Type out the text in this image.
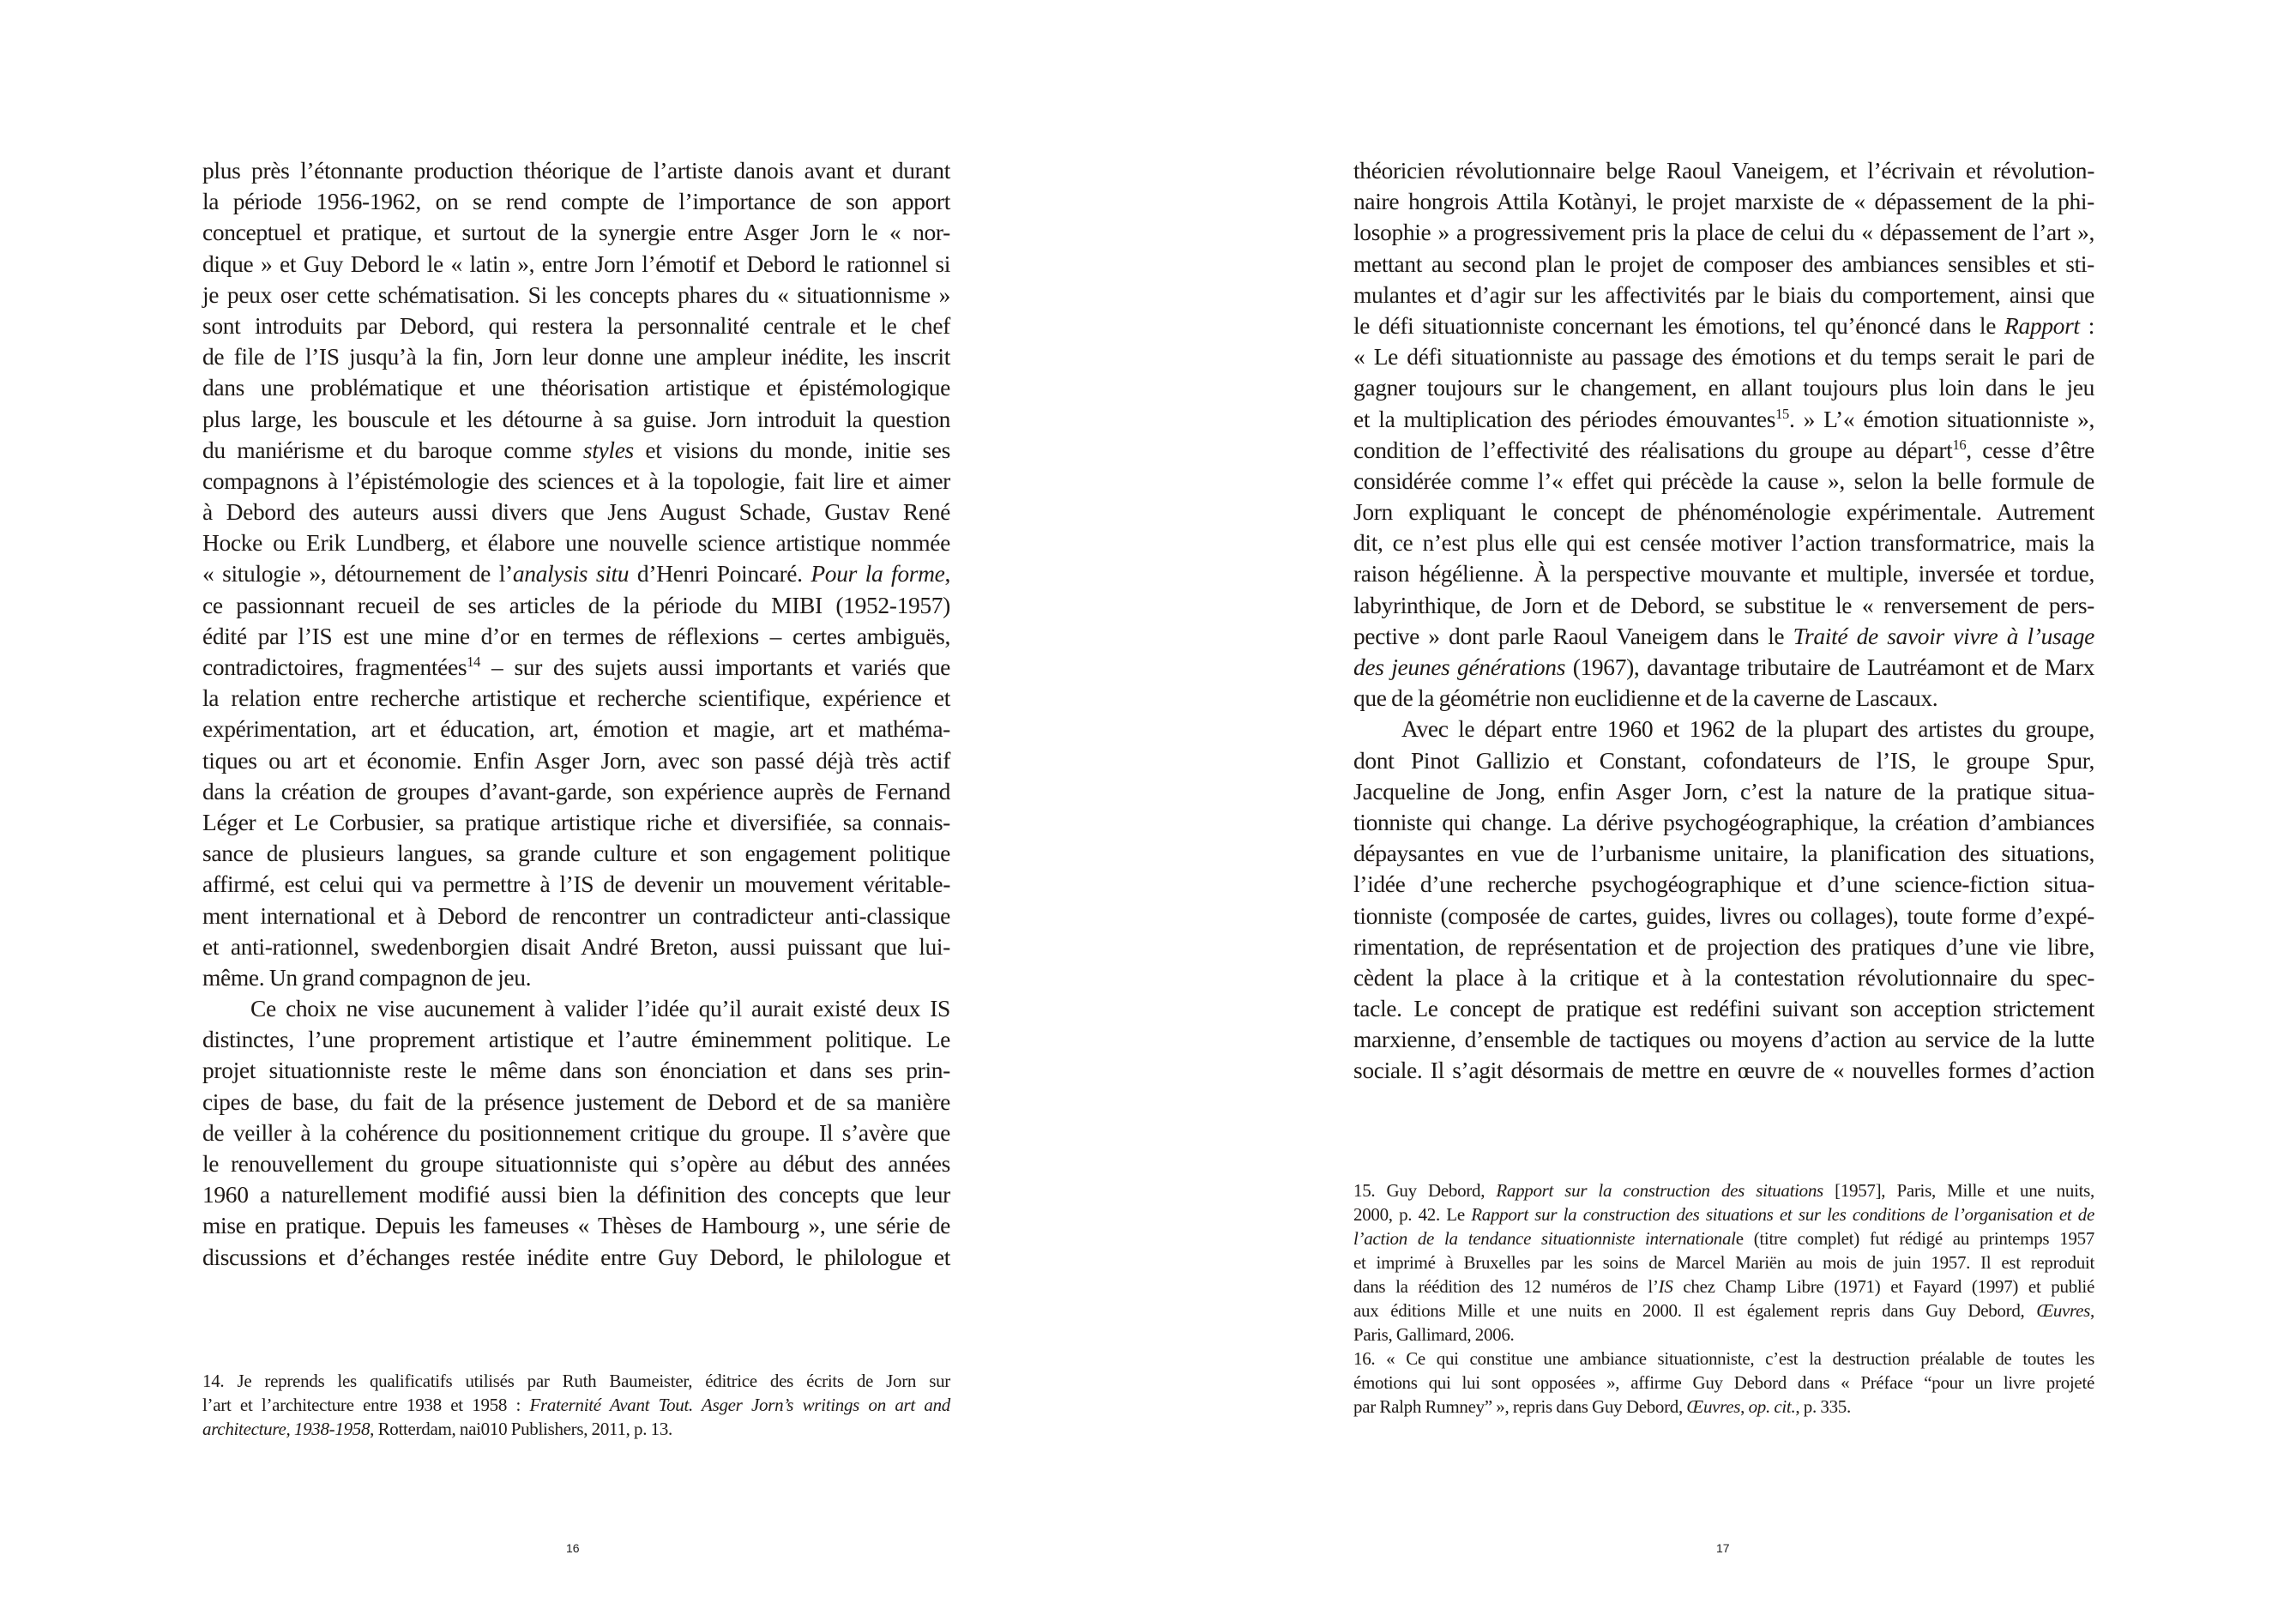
plus près l’étonnante production théorique de l’artiste danois avant et durant
la période 1956-1962, on se rend compte de l’importance de son apport
conceptuel et pratique, et surtout de la synergie entre Asger Jorn le « nor-
dique » et Guy Debord le « latin », entre Jorn l’émotif et Debord le rationnel si
je peux oser cette schématisation. Si les concepts phares du « situationnisme »
sont introduits par Debord, qui restera la personnalité centrale et le chef
de file de l’IS jusqu’à la fin, Jorn leur donne une ampleur inédite, les inscrit
dans une problématique et une théorisation artistique et épistémologique
plus large, les bouscule et les détourne à sa guise. Jorn introduit la question
du maniérisme et du baroque comme styles et visions du monde, initie ses
compagnons à l’épistémologie des sciences et à la topologie, fait lire et aimer
à Debord des auteurs aussi divers que Jens August Schade, Gustav René
Hocke ou Erik Lundberg, et élabore une nouvelle science artistique nommée
« situlogie », détournement de l’analysis situ d’Henri Poincaré. Pour la forme,
ce passionnant recueil de ses articles de la période du MIBI (1952-1957)
édité par l’IS est une mine d’or en termes de réflexions – certes ambiguës,
contradictoires, fragmentées$^{14}$ – sur des sujets aussi importants et variés que
la relation entre recherche artistique et recherche scientifique, expérience et
expérimentation, art et éducation, art, émotion et magie, art et mathéma-
tiques ou art et économie. Enfin Asger Jorn, avec son passé déjà très actif
dans la création de groupes d’avant-garde, son expérience auprès de Fernand
Léger et Le Corbusier, sa pratique artistique riche et diversifiée, sa connais-
sance de plusieurs langues, sa grande culture et son engagement politique
affirmé, est celui qui va permettre à l’IS de devenir un mouvement véritable-
ment international et à Debord de rencontrer un contradicteur anti-classique
et anti-rationnel, swedenborgien disait André Breton, aussi puissant que lui-
même. Un grand compagnon de jeu.
Ce choix ne vise aucunement à valider l’idée qu’il aurait existé deux IS
distinctes, l’une proprement artistique et l’autre éminemment politique. Le
projet situationniste reste le même dans son énonciation et dans ses prin-
cipes de base, du fait de la présence justement de Debord et de sa manière
de veiller à la cohérence du positionnement critique du groupe. Il s’avère que
le renouvellement du groupe situationniste qui s’opère au début des années
1960 a naturellement modifié aussi bien la définition des concepts que leur
mise en pratique. Depuis les fameuses « Thèses de Hambourg », une série de
discussions et d’échanges restée inédite entre Guy Debord, le philologue et
14. Je reprends les qualificatifs utilisés par Ruth Baumeister, éditrice des écrits de Jorn sur
l’art et l’architecture entre 1938 et 1958 : Fraternité Avant Tout. Asger Jorn’s writings on art and
architecture, 1938-1958, Rotterdam, nai010 Publishers, 2011, p. 13.
16
théoricien révolutionnaire belge Raoul Vaneigem, et l’écrivain et révolution-
naire hongrois Attila Kotànyi, le projet marxiste de « dépassement de la phi-
losophie » a progressivement pris la place de celui du « dépassement de l’art »,
mettant au second plan le projet de composer des ambiances sensibles et sti-
mulantes et d’agir sur les affectivités par le biais du comportement, ainsi que
le défi situationniste concernant les émotions, tel qu’énoncé dans le Rapport :
« Le défi situationniste au passage des émotions et du temps serait le pari de
gagner toujours sur le changement, en allant toujours plus loin dans le jeu
et la multiplication des périodes émouvantes$^{15}$. » L’« émotion situationniste »,
condition de l’effectivité des réalisations du groupe au départ$^{16}$, cesse d’être
considérée comme l’« effet qui précède la cause », selon la belle formule de
Jorn expliquant le concept de phénoménologie expérimentale. Autrement
dit, ce n’est plus elle qui est censée motiver l’action transformatrice, mais la
raison hégélienne. À la perspective mouvante et multiple, inversée et tordue,
labyrinthique, de Jorn et de Debord, se substitue le « renversement de pers-
pective » dont parle Raoul Vaneigem dans le Traité de savoir vivre à l’usage
des jeunes générations (1967), davantage tributaire de Lautréamont et de Marx
que de la géométrie non euclidienne et de la caverne de Lascaux.
Avec le départ entre 1960 et 1962 de la plupart des artistes du groupe,
dont Pinot Gallizio et Constant, cofondateurs de l’IS, le groupe Spur,
Jacqueline de Jong, enfin Asger Jorn, c’est la nature de la pratique situa-
tionniste qui change. La dérive psychogéographique, la création d’ambiances
dépaysantes en vue de l’urbanisme unitaire, la planification des situations,
l’idée d’une recherche psychogéographique et d’une science-fiction situa-
tionniste (composée de cartes, guides, livres ou collages), toute forme d’expé-
rimentation, de représentation et de projection des pratiques d’une vie libre,
cèdent la place à la critique et à la contestation révolutionnaire du spec-
tacle. Le concept de pratique est redéfini suivant son acception strictement
marxienne, d’ensemble de tactiques ou moyens d’action au service de la lutte
sociale. Il s’agit désormais de mettre en œuvre de « nouvelles formes d’action
15. Guy Debord, Rapport sur la construction des situations [1957], Paris, Mille et une nuits,
2000, p. 42. Le Rapport sur la construction des situations et sur les conditions de l’organisation et de
l’action de la tendance situationniste internationale (titre complet) fut rédigé au printemps 1957
et imprimé à Bruxelles par les soins de Marcel Mariën au mois de juin 1957. Il est reproduit
dans la réédition des 12 numéros de l’IS chez Champ Libre (1971) et Fayard (1997) et publié
aux éditions Mille et une nuits en 2000. Il est également repris dans Guy Debord, Œuvres,
Paris, Gallimard, 2006.
16. « Ce qui constitue une ambiance situationniste, c’est la destruction préalable de toutes les
émotions qui lui sont opposées », affirme Guy Debord dans « Préface “pour un livre projeté
par Ralph Rumney” », repris dans Guy Debord, Œuvres, op. cit., p. 335.
17
